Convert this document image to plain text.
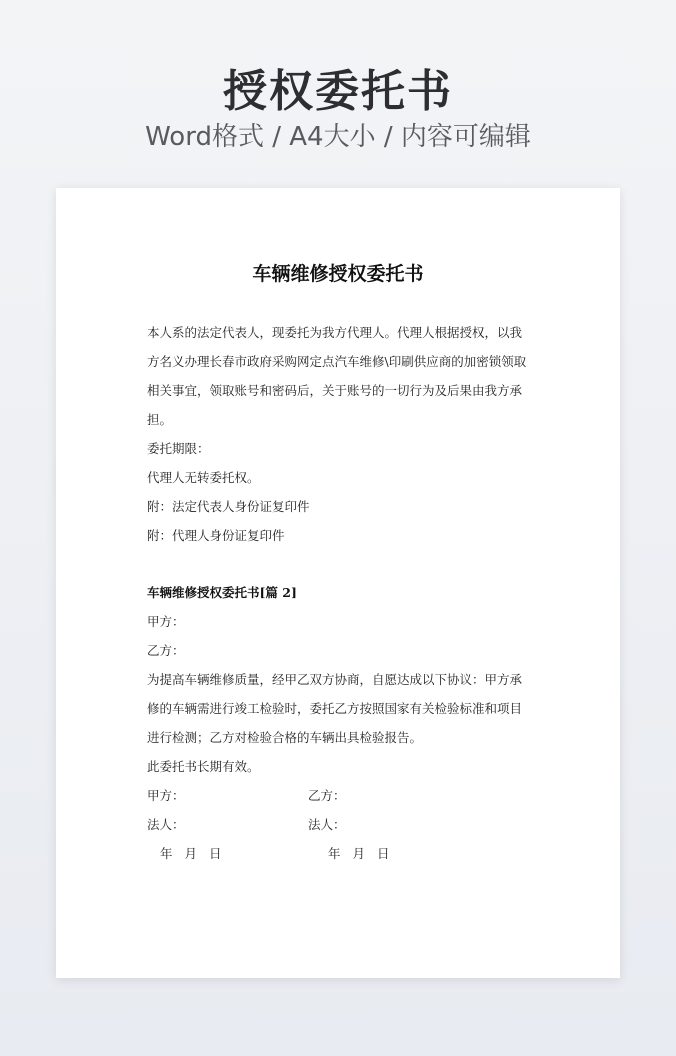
授权委托书
Word格式 / A4大小 / 内容可编辑
车辆维修授权委托书

本人系的法定代表人，现委托为我方代理人。代理人根据授权，以我方名义办理长春市政府采购网定点汽车维修\印刷供应商的加密锁领取相关事宜，领取账号和密码后，关于账号的一切行为及后果由我方承担。

委托期限：

代理人无转委托权。

附：法定代表人身份证复印件

附：代理人身份证复印件

车辆维修授权委托书[篇 2]

甲方：

乙方：

为提高车辆维修质量，经甲乙双方协商，自愿达成以下协议：甲方承修的车辆需进行竣工检验时，委托乙方按照国家有关检验标准和项目进行检测；乙方对检验合格的车辆出具检验报告。

此委托书长期有效。

甲方：
法人：
乙方：
法人：
年 月 日	年 月 日
